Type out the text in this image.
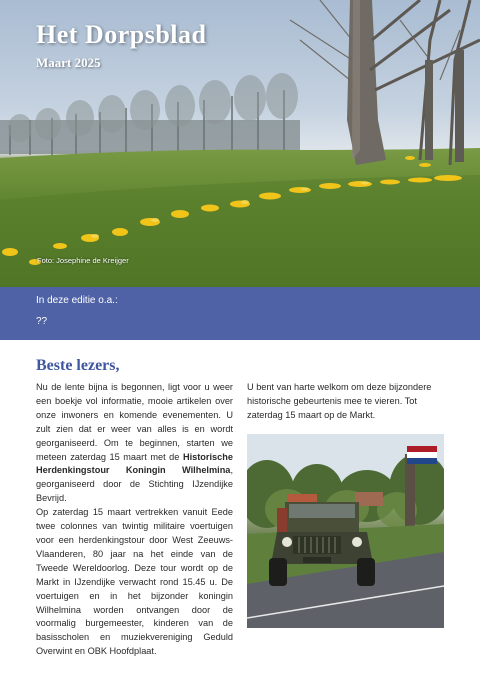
Het Dorpsblad
Maart 2025
Foto: Josephine de Kreijger
In deze editie o.a.:
??
Beste lezers,

Nu de lente bijna is begonnen, ligt voor u weer een boekje vol informatie, mooie artikelen over onze inwoners en komende evenementen. U zult zien dat er weer van alles is en wordt georganiseerd. Om te beginnen, starten we meteen zaterdag 15 maart met de Historische Herdenkingstour Koningin Wilhelmina, georganiseerd door de Stichting IJzendijke Bevrijd.

Op zaterdag 15 maart vertrekken vanuit Eede twee colonnes van twintig militaire voertuigen voor een herdenkingstour door West Zeeuws-Vlaanderen, 80 jaar na het einde van de Tweede Wereldoorlog. Deze tour wordt op de Markt in IJzendijke verwacht rond 15.45 u. De voertuigen en in het bijzonder koningin Wilhelmina worden ontvangen door de voormalig burgemeester, kinderen van de basisscholen en muziekvereniging Geduld Overwint en OBK Hoofdplaat.

U bent van harte welkom om deze bijzondere historische gebeurtenis mee te vieren. Tot zaterdag 15 maart op de Markt.
